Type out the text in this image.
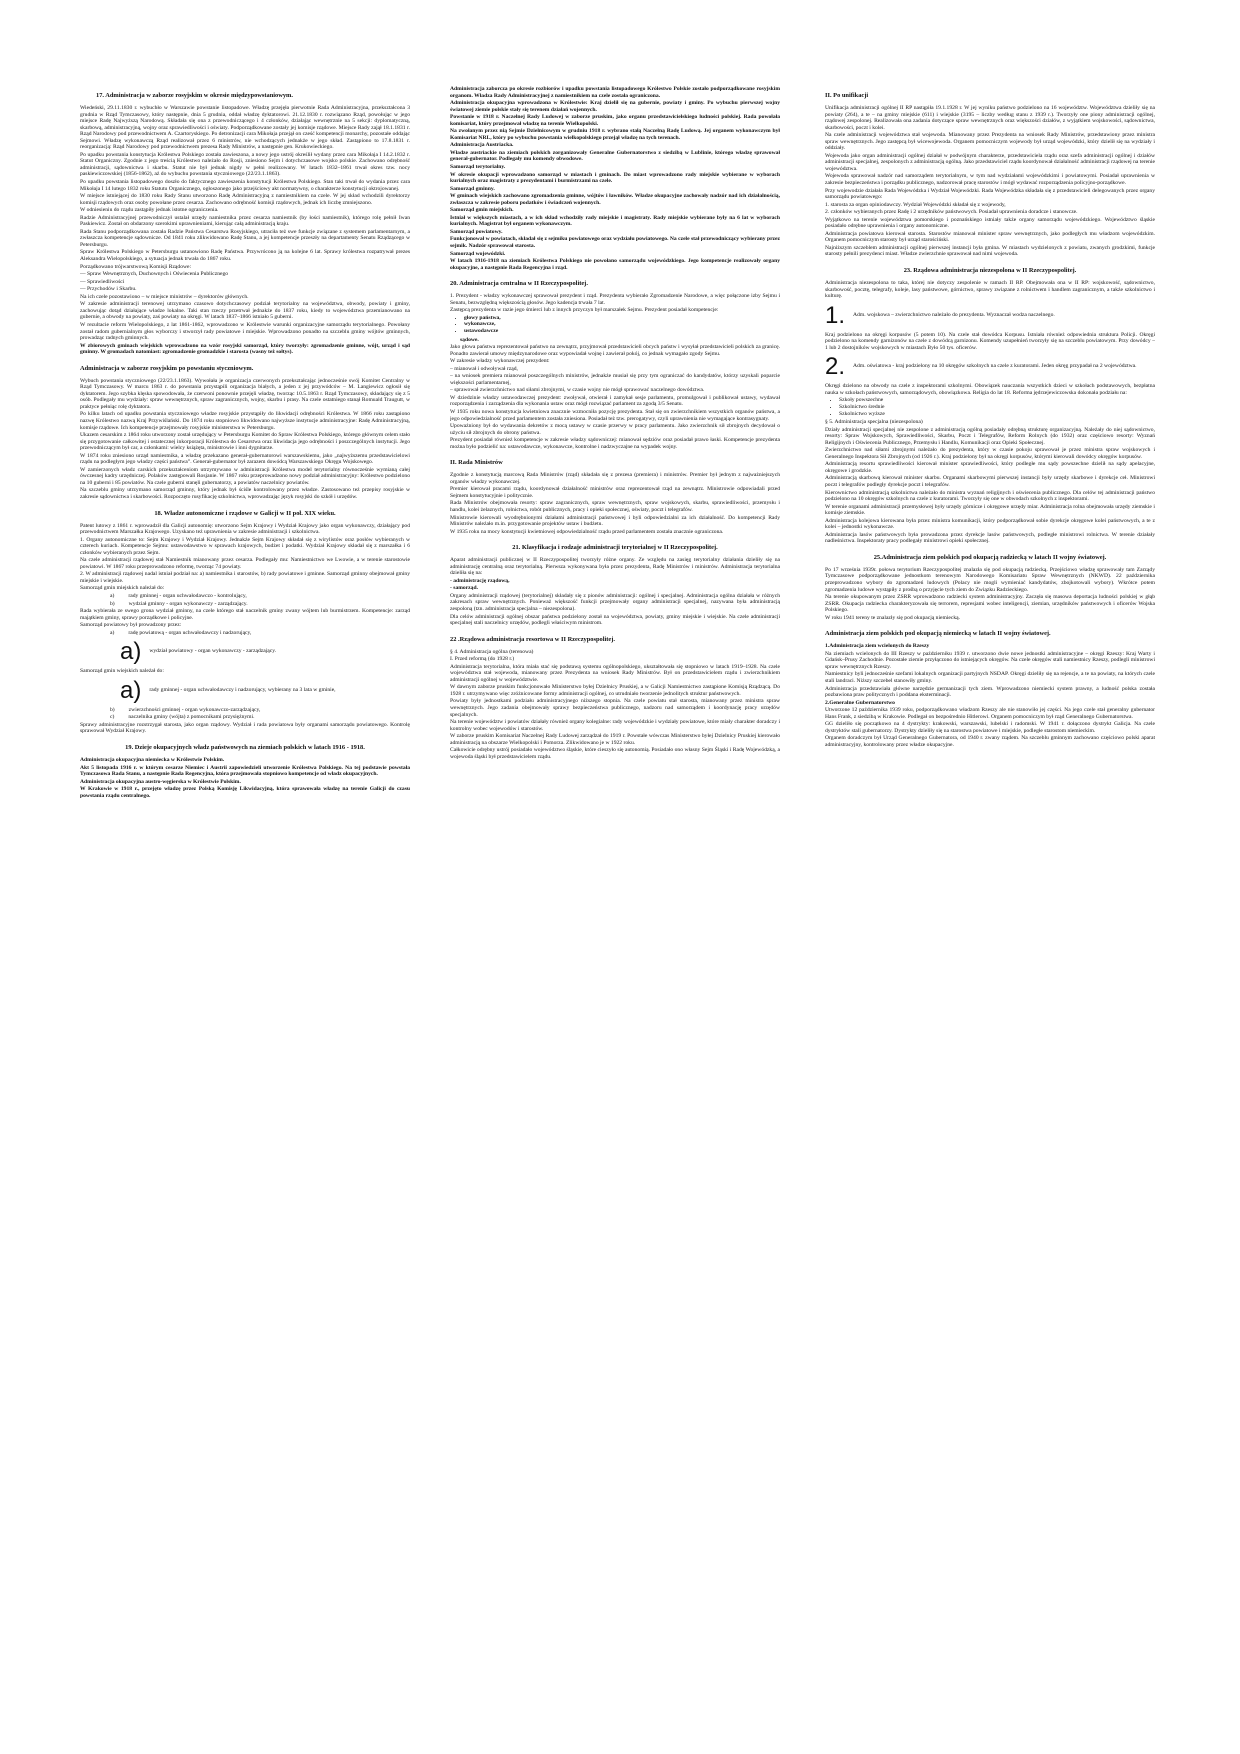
17. Administracja w zaborze rosyjskim w okresie międzypowstaniowym.

Wiedeński, 29.11.1830 r. wybuchło w Warszawie powstanie listopadowe. Władzę przejęła pierwotnie Rada Administracyjna, przekształcona 3 grudnia w Rząd Tymczasowy, który następnie, dnia 5 grudnia, oddał władzę dyktatorowi. 21.12.1830 r. rozwiązano Rząd, powołując w jego miejsce Radę Najwyższą Narodową. Składała się ona z przewodniczącego i 4 członków, działając wewnętrznie na 5 sekcji: dyplomatyczną, skarbową, administracyjną, wojny oraz sprawiedliwości i oświaty. Podporządkowane zostały jej komisje rządowe. Miejsce Rady zajął 18.1.1831 r. Rząd Narodowy pod przewodnictwem A. Czartoryskiego. Po detronizacji cara Mikołaja przejął on cześć kompetencji monarchy, pozostałe oddając Sejmowi. Władzę wykonawczą Rząd realizował przez 6 ministrów, nie wchodzących jednakże w jego skład. Zastąpiono to 17.8.1831 r. reorganizacją: Rząd Narodowy pod przewodnictwem prezesa Rady Ministrów, a następnie gen. Krukowieckiego.

Po upadku powstania konstytucja Królestwa Polskiego została zawieszona, a nowy jego ustrój określił wydany przez cara Mikołaja I 14.2.1832 r. Statut Organiczny. Zgodnie z jego treścią Królestwo należało do Rosji, zniesiono Sejm i dotychczasowe wojsko polskie. Zachowano odrębność administracji, sądownictwa i skarbu. Statut nie był jednak nigdy w pełni realizowany. W latach 1832–1861 trwał okres tzw. nocy paskiewiczowskiej (1856-1862), aż do wybuchu powstania styczniowego (22/23.1.1863).

Po upadku powstania listopadowego doszło do faktycznego zawieszenia konstytucji Królestwa Polskiego. Stan taki trwał do wydania przez cara Mikołaja I 14 lutego 1832 roku Statutu Organicznego, ogłoszonego jako przejściowy akt normatywny, o charakterze konstytucji oktrojowanej.

W miejsce istniejącej do 1830 roku Rady Stanu utworzono Radę Administracyjną z namiestnikiem na czele. W jej skład wchodzili dyrektorzy komisji rządowych oraz osoby powołane przez cesarza. Zachowano odrębność komisji rządowych, jednak ich liczbę zmniejszono.

W odniesieniu do rządu zastąpiły jednak istotne ograniczenia.

Radzie Administracyjnej przewodniczył ustalał urzędy namiestnika przez cesarza namiestnik (by łości namiestnik), którego rolę pełnił Iwan Paskiewicz. Został on obdarzony szerokimi uprawnieniami, kierując całą administracją kraju.

Rada Stanu podporządkowana została Radzie Państwa Cesarstwa Rosyjskiego, utraciła też swe funkcje związane z systemem parlamentarnym, a zwłaszcza kompetencje sądownicze. Od 1841 roku zlikwidowano Radę Stanu, a jej kompetencje przeszły na departamenty Senatu Rządzącego w Petersburgu.

Spraw Królestwa Polskiego w Petersburgu ustanowiono Radę Państwa. Przywrócono ją na kolejne 6 lat. Sprawy królestwa rozpatrywał prezes Aleksandra Wielopolskiego, a sytuacja jednak trwała do 1867 roku.

Porządkowano trójwarstwową Komisji Rządowe:

— Spraw Wewnętrznych, Duchownych i Oświecenia Publicznego

— Sprawiedliwości

— Przychodów i Skarbu.

Na ich czele pozostawiono – w miejsce ministrów – dyrektorów głównych.

W zakresie administracji terenowej utrzymano czasowo dotychczasowy podział terytorialny na województwa, obwody, powiaty i gminy, zachowując dotąd działające władze lokalne. Taki stan rzeczy przetrwał jednakże do 1837 roku, kiedy to województwa przemianowano na gubernie, a obwody na powiaty, zaś powiaty na okręgi. W latach 1837–1866 istniało 5 guberni.

W rezultacie reform Wielopolskiego, z lat 1861-1862, wprowadzono w Królestwie warunki organizacyjne samorządu terytorialnego. Powołany został radom gubernialnym głos wyborczy i stworzył rady powiatowe i miejskie. Wprowadzono ponadto na szczeblu gminy wójtów gminnych, prowadząc radnych gminnych.

W zbiorowych gminach wiejskich wprowadzono na wzór rosyjski samorząd, który tworzyły: zgromadzenie gminne, wójt, urząd i sąd gminny. W gromadach natomiast: zgromadzenie gromadzkie i starosta (wasny też sołtys).

Administracja w zaborze rosyjskim po powstaniu styczniowym.

Wybuch powstania styczniowego (22/23.1.1863). Wywołała je organizacja czerwonych przekształcając jednocześnie swój Komitet Centralny w Rząd Tymczasowy. W marcu 1863 r. do powstania przystąpili organizacja białych, a jeden z jej przywódców – M. Langiewicz ogłosił się dyktatorem. Jego szybka klęska spowodowała, że czerwoni ponownie przejęli władzę, tworząc 10.5.1863 r. Rząd Tymczasowy, składający się z 5 osób. Podlegały mu wydziały: spraw wewnętrznych, spraw zagranicznych, wojny, skarbu i prasy. Na czele ostatniego stanął Romuald Traugutt, w praktyce pełniąc rolę dyktatora.

Po kilku latach od upadku powstania styczniowego władze rosyjskie przystąpiły do likwidacji odrębności Królestwa. W 1866 roku zastąpiono nazwę Królestwo nazwą Kraj Przywiślański. Do 1874 roku stopniowo likwidowano najwyższe instytucje administracyjne: Radę Administracyjną, komisje rządowe. Ich kompetencje przejmowały rosyjskie ministerstwa w Petersburgu.

Ukazem cesarskim z 1864 roku utworzony został urzędujący w Petersburgu Komitet do Spraw Królestwa Polskiego, którego głównym celem stało się przygotowanie całkowitej i ostatecznej inkorporacji Królestwa do Cesarstwa oraz likwidacja jego odrębności i poszczególnych instytucji. Jego przewodniczącym był car, a członkami: wielcy książęta, ministrowie i inni dygnitarze.

W 1874 roku zniesiono urząd namiestnika, a władzę przekazano generał-gubernatorowi warszawskiemu, jako „najwyższemu przedstawicielowi rządu na podległym jego władzy części państwa”. Generał-gubernator był zarazem dowódcą Warszawskiego Okręgu Wojskowego.

W zamierzonych władz carskich przekształceniom utrzymywano w administracji Królestwa model terytorialny równocześnie wymianą całej ówczesnej kadry urzędniczej. Polaków zastępowali Rosjanie. W 1867 roku przeprowadzono nowy podział administracyjny: Królestwo podzielono na 10 guberni i 85 powiatów. Na czele guberni stanęli gubernatorzy, a powiatów naczelnicy powiatów.

Na szczeblu gminy utrzymano samorząd gminny, który jednak był ściśle kontrolowany przez władze. Zastosowano też przepisy rosyjskie w zakresie sądownictwa i skarbowości. Rozpoczęto rusyfikację szkolnictwa, wprowadzając język rosyjski do szkół i urzędów.

18. Władze autonomiczne i rządowe w Galicji w II poł. XIX wieku.

Patent lutowy z 1861 r. wprowadził dla Galicji autonomię: utworzono Sejm Krajowy i Wydział Krajowy jako organ wykonawczy, działający pod przewodnictwem Marszałka Krajowego. Uzyskano też uprawnienia w zakresie administracji i szkolnictwa.

1. Organy autonomiczne to: Sejm Krajowy i Wydział Krajowy. Jednakże Sejm Krajowy składał się z wirylistów oraz posłów wybieranych w czterech kuriach. Kompetencje Sejmu: ustawodawstwo w sprawach krajowych, budżet i podatki. Wydział Krajowy składał się z marszałka i 6 członków wybieranych przez Sejm.

Na czele administracji rządowej stał Namiestnik mianowany przez cesarza. Podlegały mu: Namiestnictwo we Lwowie, a w terenie starostowie powiatowi. W 1867 roku przeprowadzono reformę, tworząc 74 powiaty.

2. W administracji rządowej nadal istniał podział na: a) namiestnika i starostów, b) rady powiatowe i gminne. Samorząd gminny obejmował gminy miejskie i wiejskie.

Samorząd gmin miejskich należał do:

a)	rady gminnej - organ uchwałodawczo - kontrolujący,
b)	wydział gminny - organ wykonawczy - zarządzający.

Rada wybierała ze swego grona wydział gminny, na czele którego stał naczelnik gminy zwany wójtem lub burmistrzem. Kompetencje: zarząd majątkiem gminy, sprawy porządkowe i policyjne.

Samorząd powiatowy był prowadzony przez:

a)	radę powiatową - organ uchwałodawczy i nadzorujący,
a) wydział powiatowy - organ wykonawczy - zarządzający.

Samorząd gmin wiejskich należał do:

a) rady gminnej - organ uchwałodawczy i nadzorujący, wybierany na 3 lata w gminie,
b)	zwierzchności gminnej - organ wykonawczo-zarządzający,
c)	naczelnika gminy (wójta) z pomocnikami przysiężnymi.

Sprawy administracyjne rozstrzygał starosta, jako organ rządowy. Wydział i rada powiatowa były organami samorządu powiatowego. Kontrolę sprawował Wydział Krajowy.

19. Dzieje okupacyjnych władz państwowych na ziemiach polskich w latach 1916 - 1918.

Administracja okupacyjna niemiecka w Królestwie Polskim.

Akt 5 listopada 1916 r. w którym cesarze Niemiec i Austrii zapowiedzieli utworzenie Królestwa Polskiego. Na tej podstawie powstała Tymczasowa Rada Stanu, a następnie Rada Regencyjna, która przejmowała stopniowo kompetencje od władz okupacyjnych.

Administracja okupacyjna austro-węgierska w Królestwie Polskim.

W Krakowie w 1918 r., przejęto władzę przez Polską Komisję Likwidacyjną, która sprawowała władzę na terenie Galicji do czasu powstania rządu centralnego.

Administracja zaborcza po okresie rozbiorów i upadku powstania listopadowego Królestwo Polskie zostało podporządkowane rosyjskim organom. Władza Rady Administracyjnej z namiestnikiem na czele została ograniczona.

Administracja okupacyjna wprowadzona w Królestwie: Kraj dzielił się na gubernie, powiaty i gminy. Po wybuchu pierwszej wojny światowej ziemie polskie stały się terenem działań wojennych.

Powstanie w 1918 r. Naczelnej Rady Ludowej w zaborze pruskim, jako organu przedstawicielskiego ludności polskiej. Rada powołała komisariat, który przejmował władzę na terenie Wielkopolski.

Na zwołanym przez nią Sejmie Dzielnicowym w grudniu 1918 r. wybrano stałą Naczelną Radę Ludową. Jej organem wykonawczym był Komisariat NRL, który po wybuchu powstania wielkopolskiego przejął władzę na tych terenach.

Administracja Austriacka.

Władze austriackie na ziemiach polskich zorganizowały Generalne Gubernatorstwo z siedzibą w Lublinie, którego władzę sprawował generał-gubernator. Podlegały mu komendy obwodowe.

Samorząd terytorialny.

W okresie okupacji wprowadzono samorząd w miastach i gminach. Do miast wprowadzono rady miejskie wybierane w wyborach kurialnych oraz magistraty z prezydentami i burmistrzami na czele.

Samorząd gminny.

W gminach wiejskich zachowano zgromadzenia gminne, wójtów i ławników. Władze okupacyjne zachowały nadzór nad ich działalnością, zwłaszcza w zakresie poboru podatków i świadczeń wojennych.

Samorząd gmin miejskich.

Istniał w większych miastach, a w ich skład wchodziły rady miejskie i magistraty. Rady miejskie wybierane były na 6 lat w wyborach kurialnych. Magistrat był organem wykonawczym.

Samorząd powiatowy.

Funkcjonował w powiatach, składał się z sejmiku powiatowego oraz wydziału powiatowego. Na czele stał przewodniczący wybierany przez sejmik. Nadzór sprawował starosta.

Samorząd wojewódzki.

W latach 1916-1918 na ziemiach Królestwa Polskiego nie powołano samorządu wojewódzkiego. Jego kompetencje realizowały organy okupacyjne, a następnie Rada Regencyjna i rząd.

20. Administracja centralna w II Rzeczypospolitej.

1. Prezydent - władzy wykonawczej sprawował prezydent i rząd. Prezydenta wybierało Zgromadzenie Narodowe, a więc połączone izby Sejmu i Senatu, bezwzględną większością głosów. Jego kadencja trwała 7 lat.

Zastępcą prezydenta w razie jego śmierci lub z innych przyczyn był marszałek Sejmu. Prezydent posiadał kompetencje:

• głowy państwa,
• wykonawcze,
• ustawodawcze

sądowe.

Jako głowa państwa reprezentował państwo na zewnątrz, przyjmował przedstawicieli obcych państw i wysyłał przedstawicieli polskich za granicę. Ponadto zawierał umowy międzynarodowe oraz wypowiadał wojnę i zawierał pokój, co jednak wymagało zgody Sejmu.

W zakresie władzy wykonawczej prezydent:

– mianował i odwoływał rząd,

– na wniosek premiera mianował poszczególnych ministrów, jednakże musiał się przy tym ograniczać do kandydatów, którzy uzyskali poparcie większości parlamentarnej,

– sprawował zwierzchnictwo nad siłami zbrojnymi, w czasie wojny nie mógł sprawować naczelnego dowództwa.

W dziedzinie władzy ustawodawczej prezydent: zwoływał, otwierał i zamykał sesje parlamentu, promulgował i publikował ustawy, wydawał rozporządzenia i zarządzenia dla wykonania ustaw oraz mógł rozwiązać parlament za zgodą 3/5 Senatu.

W 1935 roku nowa konstytucja kwietniowa znacznie wzmocniła pozycję prezydenta. Stał się on zwierzchnikiem wszystkich organów państwa, a jego odpowiedzialność przed parlamentem została zniesiona. Posiadał też tzw. prerogatywy, czyli uprawnienia nie wymagające kontrasygnaty.

Upoważniony był do wydawania dekretów z mocą ustawy w czasie przerwy w pracy parlamentu. Jako zwierzchnik sił zbrojnych decydował o użyciu sił zbrojnych do obrony państwa.

Prezydent posiadał również kompetencje w zakresie władzy sądowniczej: mianował sędziów oraz posiadał prawo łaski. Kompetencje prezydenta można było podzielić na: ustawodawcze, wykonawcze, kontrolne i nadzwyczajne na wypadek wojny.

II. Rada Ministrów

Zgodnie z konstytucją marcową Rada Ministrów (rząd) składała się z prezesa (premiera) i ministrów. Premier był jednym z najważniejszych organów władzy wykonawczej.

Premier kierował pracami rządu, koordynował działalność ministrów oraz reprezentował rząd na zewnątrz. Ministrowie odpowiadali przed Sejmem konstytucyjnie i politycznie.

Rada Ministrów obejmowała resorty: spraw zagranicznych, spraw wewnętrznych, spraw wojskowych, skarbu, sprawiedliwości, przemysłu i handlu, kolei żelaznych, rolnictwa, robót publicznych, pracy i opieki społecznej, oświaty, poczt i telegrafów.

Ministrowie kierowali wyodrębnionymi działami administracji państwowej i byli odpowiedzialni za ich działalność. Do kompetencji Rady Ministrów należało m.in. przygotowanie projektów ustaw i budżetu.

W 1935 roku na mocy konstytucji kwietniowej odpowiedzialność rządu przed parlamentem została znacznie ograniczona.

21. Klasyfikacja i rodzaje administracji terytorialnej w II Rzeczypospolitej.

Aparat administracji publicznej w II Rzeczypospolitej tworzyły różne organy. Ze względu na zasięg terytorialny działania dzieliły się na administrację centralną oraz terytorialną. Pierwsza wykonywana była przez prezydenta, Radę Ministrów i ministrów. Administracja terytorialna dzieliła się na:

- administrację rządową,

- samorząd.

Organy administracji rządowej (terytorialnej) składały się z pionów administracji: ogólnej i specjalnej. Administracja ogólna działała w różnych zakresach spraw wewnętrznych. Ponieważ większość funkcji przejmowały organy administracji specjalnej, nazywana była administracją zespoloną (tzn. administracja specjalna – niezespolona).

Dla celów administracji ogólnej obszar państwa podzielony został na województwa, powiaty, gminy miejskie i wiejskie. Na czele administracji specjalnej stali naczelnicy urzędów, podlegli właściwym ministrom.

22 .Rządowa administracja resortowa w II Rzeczypospolitej.

§ 4. Administracja ogólna (terenowa)

I. Przed reformą (do 1928 r.)

Administracja terytorialna, która miała stać się podstawą systemu ogólnopolskiego, ukształtowała się stopniowo w latach 1919–1928. Na czele województwa stał wojewoda, mianowany przez Prezydenta na wniosek Rady Ministrów. Był on przedstawicielem rządu i zwierzchnikiem administracji ogólnej w województwie.

W dawnym zaborze pruskim funkcjonowało Ministerstwo byłej Dzielnicy Pruskiej, a w Galicji Namiestnictwo zastąpione Komisją Rządzącą. Do 1928 r. utrzymywano więc zróżnicowane formy administracji ogólnej, co utrudniało tworzenie jednolitych struktur państwowych.

Powiaty były jednostkami podziału administracyjnego niższego stopnia. Na czele powiatu stał starosta, mianowany przez ministra spraw wewnętrznych. Jego zadania obejmowały sprawy bezpieczeństwa publicznego, nadzoru nad samorządem i koordynację pracy urzędów specjalnych.

Na terenie województw i powiatów działały również organy kolegialne: rady wojewódzkie i wydziały powiatowe, które miały charakter doradczy i kontrolny wobec wojewodów i starostów.

W zaborze pruskim Komisariat Naczelnej Rady Ludowej zarządzał do 1919 r. Powstałe wówczas Ministerstwo byłej Dzielnicy Pruskiej kierowało administracją na obszarze Wielkopolski i Pomorza. Zlikwidowano je w 1922 roku.

Całkowicie odrębny ustrój posiadało województwo śląskie, które cieszyło się autonomią. Posiadało ono własny Sejm Śląski i Radę Wojewódzką, a wojewoda śląski był przedstawicielem rządu.

II. Po unifikacji

Unifikacja administracji ogólnej II RP nastąpiła 19.1.1928 r. W jej wyniku państwo podzielono na 16 województw. Województwa dzieliły się na powiaty (264), a te – na gminy miejskie (611) i wiejskie (3195 – liczby według stanu z 1939 r.). Tworzyły one piony administracji ogólnej, rządowej zespolonej. Realizowała ona zadania dotyczące spraw wewnętrznych oraz większości działów, z wyjątkiem wojskowości, sądownictwa, skarbowości, poczt i kolei.

Na czele administracji województwa stał wojewoda. Mianowany przez Prezydenta na wniosek Rady Ministrów, przedstawiony przez ministra spraw wewnętrznych. Jego zastępcą był wicewojewoda. Organem pomocniczym wojewody był urząd wojewódzki, który dzielił się na wydziały i oddziały.

Wojewoda jako organ administracji ogólnej działał w podwójnym charakterze, przedstawiciela rządu oraz szefa administracji ogólnej i działów administracji specjalnej, zespolonych z administracją ogólną. Jako przedstawiciel rządu koordynował działalność administracji rządowej na terenie województwa.

Wojewoda sprawował nadzór nad samorządem terytorialnym, w tym nad wydziałami wojewódzkimi i powiatowymi. Posiadał uprawnienia w zakresie bezpieczeństwa i porządku publicznego, nadzorował pracę starostów i mógł wydawać rozporządzenia policyjno-porządkowe.

Przy wojewodzie działała Rada Wojewódzka i Wydział Wojewódzki. Rada Wojewódzka składała się z przedstawicieli delegowanych przez organy samorządu powiatowego:

1. starosta za organ opiniodawczy. Wydział Wojewódzki składał się z wojewody,

2. członków wybieranych przez Radę i 2 urzędników państwowych. Posiadał uprawnienia doradcze i stanowcze.

Wyjątkowo na terenie województwa pomorskiego i poznańskiego istniały także organy samorządu wojewódzkiego. Województwo śląskie posiadało odrębne uprawnienia i organy autonomiczne.

Administracja powiatowa kierował starosta. Starostów mianował minister spraw wewnętrznych, jako podległych mu władzom wojewódzkim. Organem pomocniczym starosty był urząd starościński.

Najniższym szczeblem administracji ogólnej pierwszej instancji była gmina. W miastach wydzielonych z powiatu, zwanych grodzkimi, funkcje starosty pełnili prezydenci miast. Władze zwierzchnie sprawował nad nimi wojewoda.

23. Rządowa administracja niezespolona w II Rzeczypospolitej.

Administracja niezespolona to taka, której nie dotyczy zespolenie w ramach II RP. Obejmowała ona w II RP: wojskowość, sądownictwo, skarbowość, pocztę, telegrafy, koleje, lasy państwowe, górnictwo, sprawy związane z rolnictwem i handlem zagranicznym, a także szkolnictwo i kulturę.

1. Adm. wojskowa – zwierzchnictwo należało do prezydenta. Wyznaczał wodza naczelnego.

Kraj podzielono na okręgi korpusów (5 potem 10). Na czele stał dowódca Korpusu. Istniała również odpowiednia struktura Policji. Okręgi podzielono na komendy garnizonów na czele z dowódcą garnizonu. Komendy uzupełnień tworzyły się na szczeblu powiatowym. Przy dowódcy – 1 lub 2 dostojników wojskowych w miastach Było 50 tys. oficerów.

2. Adm. oświatowa - kraj podzielony na 10 okręgów szkolnych na czele z kuratorami. Jeden okręg przypadał na 2 województwa.

Okręgi dzielono na obwody na czele z inspektorami szkolnymi. Obowiązek nauczania wszystkich dzieci w szkołach podstawowych, bezpłatna nauka w szkołach państwowych, samorządowych, obowiązkowa. Religia do lat 18. Reforma jędrzejewiczowska dokonała podziału na:

• Szkoły powszechne
• Szkolnictwo średnie
• Szkolnictwo wyższe

§ 5. Administracja specjalna (niezespolona)

Działy administracji specjalnej nie zespolone z administracją ogólną posiadały odrębną strukturę organizacyjną. Należały do niej sądownictwo, resorty: Spraw Wojskowych, Sprawiedliwości, Skarbu, Poczt i Telegrafów, Reform Rolnych (do 1932) oraz częściowo resorty: Wyznań Religijnych i Oświecenia Publicznego, Przemysłu i Handlu, Komunikacji oraz Opieki Społecznej.

Zwierzchnictwo nad siłami zbrojnymi należało do prezydenta, który w czasie pokoju sprawował je przez ministra spraw wojskowych i Generalnego Inspektora Sił Zbrojnych (od 1926 r.). Kraj podzielony był na okręgi korpusów, którymi kierowali dowódcy okręgów korpusów.

Administracją resortu sprawiedliwości kierował minister sprawiedliwości, który podległe mu sądy powszechne dzielił na sądy apelacyjne, okręgowe i grodzkie.

Administracją skarbową kierował minister skarbu. Organami skarbowymi pierwszej instancji były urzędy skarbowe i dyrekcje ceł. Ministrowi poczt i telegrafów podległy dyrekcje poczt i telegrafów.

Kierownictwo administracją szkolnictwa należało do ministra wyznań religijnych i oświecenia publicznego. Dla celów tej administracji państwo podzielono na 10 okręgów szkolnych na czele z kuratorami. Tworzyły się one w obwodach szkolnych z inspektorami.

W terenie organami administracji przemysłowej były urzędy górnicze i okręgowe urzędy miar. Administracja rolna obejmowała urzędy ziemskie i komisje ziemskie.

Administracja kolejowa kierowana była przez ministra komunikacji, który podporządkował sobie dyrekcje okręgowe kolei państwowych, a te z kolei – jednostki wykonawcze.

Administracja lasów państwowych była prowadzona przez dyrekcje lasów państwowych, podległe ministrowi rolnictwa. W terenie działały nadleśnictwa. Inspektoraty pracy podlegały ministrowi opieki społecznej.

25.Administracja ziem polskich pod okupacją radziecką w latach II wojny światowej.

Po 17 września 1939r. połowa terytorium Rzeczypospolitej znalazła się pod okupacją radziecką. Przejściowo władzę sprawowały tam Zarządy Tymczasowe podporządkowane jednostkom terenowym Narodowego Komisariatu Spraw Wewnętrznych (NKWD). 22 października przeprowadzono wybory do zgromadzeń ludowych (Polacy nie mogli wymieniać kandydatów, zbojkotowali wybory). Wkrótce potem zgromadzenia ludowe wystąpiły z prośbą o przyjęcie tych ziem do Związku Radzieckiego.

Na terenie okupowanym przez ZSRR wprowadzono radziecki system administracyjny. Zaczęła się masowa deportacja ludności polskiej w głąb ZSRR. Okupacja radziecka charakteryzowała się terrorem, represjami wobec inteligencji, ziemian, urzędników państwowych i oficerów Wojska Polskiego.

W roku 1941 tereny te znalazły się pod okupacją niemiecką.

Administracja ziem polskich pod okupacją niemiecką w latach II wojny światowej.

1.Administracja ziem wcielonych do Rzeszy

Na ziemiach wcielonych do III Rzeszy w październiku 1939 r. utworzono dwie nowe jednostki administracyjne – okręgi Rzeszy: Kraj Warty i Gdańsk–Prusy Zachodnie. Pozostałe ziemie przyłączono do istniejących okręgów. Na czele okręgów stali namiestnicy Rzeszy, podlegli ministrowi spraw wewnętrznych Rzeszy.

Namiestnicy byli jednocześnie szefami lokalnych organizacji partyjnych NSDAP. Okręgi dzieliły się na rejencje, a te na powiaty, na których czele stali landraci. Niższy szczebel stanowiły gminy.

Administracja przedstawiała główne narzędzie germanizacji tych ziem. Wprowadzono niemiecki system prawny, a ludność polska została pozbawiona praw politycznych i poddana eksterminacji.

2.Generalne Gubernatorstwo

Utworzone 12 października 1939 roku, podporządkowano władzom Rzeszy ale nie stanowiło jej części. Na jego czele stał generalny gubernator Hans Frank, z siedzibą w Krakowie. Podlegał on bezpośrednio Hitlerowi. Organem pomocniczym był rząd Generalnego Gubernatorstwa.

GG dzieliło się początkowo na 4 dystrykty: krakowski, warszawski, lubelski i radomski. W 1941 r. dołączono dystrykt Galicja. Na czele dystryktów stali gubernatorzy. Dystrykty dzieliły się na starostwa powiatowe i miejskie, podległe starostom niemieckim.

Organem doradczym był Urząd Generalnego Gubernatora, od 1940 r. zwany rządem. Na szczeblu gminnym zachowano częściowo polski aparat administracyjny, kontrolowany przez władze okupacyjne.
